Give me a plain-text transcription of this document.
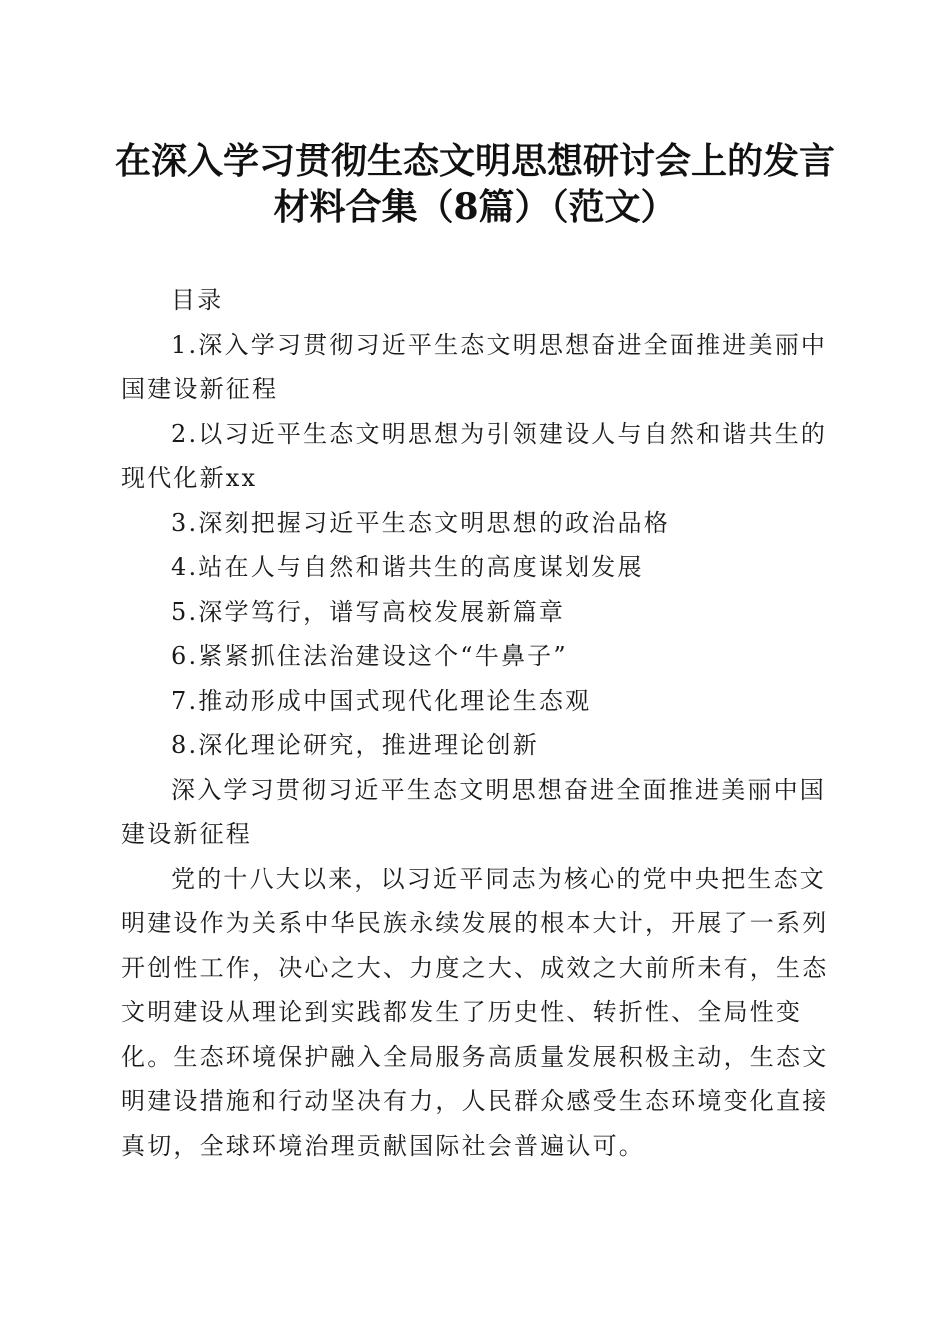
在深入学习贯彻生态文明思想研讨会上的发言
材料合集（8篇）（范文）

目录

1.深入学习贯彻习近平生态文明思想奋进全面推进美丽中国建设新征程

2.以习近平生态文明思想为引领建设人与自然和谐共生的现代化新xx

3.深刻把握习近平生态文明思想的政治品格

4.站在人与自然和谐共生的高度谋划发展

5.深学笃行，谱写高校发展新篇章

6.紧紧抓住法治建设这个“牛鼻子”

7.推动形成中国式现代化理论生态观

8.深化理论研究，推进理论创新

深入学习贯彻习近平生态文明思想奋进全面推进美丽中国建设新征程

党的十八大以来，以习近平同志为核心的党中央把生态文明建设作为关系中华民族永续发展的根本大计，开展了一系列开创性工作，决心之大、力度之大、成效之大前所未有，生态文明建设从理论到实践都发生了历史性、转折性、全局性变化。生态环境保护融入全局服务高质量发展积极主动，生态文明建设措施和行动坚决有力，人民群众感受生态环境变化直接真切，全球环境治理贡献国际社会普遍认可。
